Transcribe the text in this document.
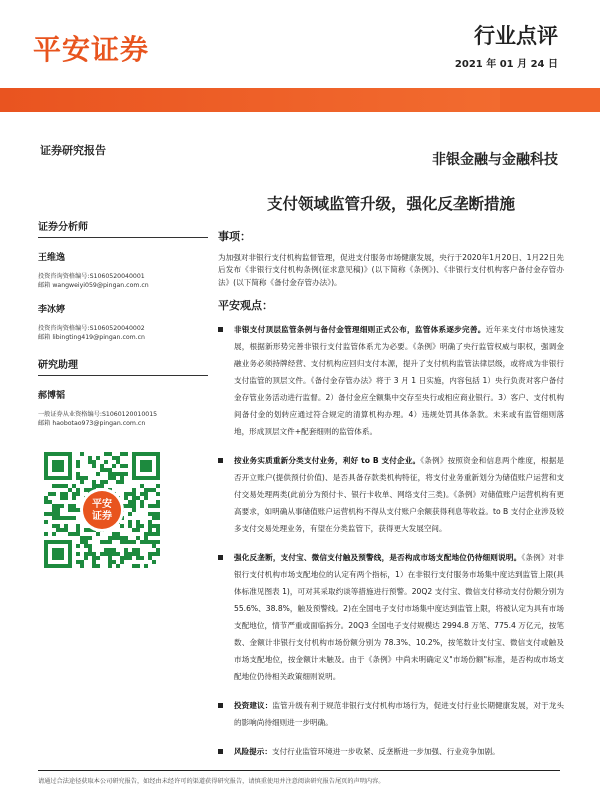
平安证券	行业点评
2021 年 01 月 24 日
证券研究报告
非银金融与金融科技
证券分析师
王维逸
投资咨询资格编号:S1060520040001
邮箱 wangweiyi059@pingan.com.cn
李冰婷
投资咨询资格编号:S1060520040002
邮箱 libingting419@pingan.com.cn
研究助理
郝博韬
一般证券从业资格编号:S1060120010015
邮箱 haobotao973@pingan.com.cn
平安
证券
支付领域监管升级，强化反垄断措施
事项：
为加强对非银行支付机构监督管理，促进支付服务市场健康发展，央行于2020年1月20日、1月22日先后发布《非银行支付机构条例(征求意见稿)》(以下简称《条例》)、《非银行支付机构客户备付金存管办法》(以下简称《备付金存管办法》)。
平安观点：
非银支付顶层监管条例与备付金管理细则正式公布，监管体系逐步完善。近年来支付市场快速发展，根据新形势完善非银行支付监管体系尤为必要。《条例》明确了央行监管权威与职权，强调金融业务必须持牌经营、支付机构应回归支付本源，提升了支付机构监管法律层级，或将成为非银行支付监管的顶层文件。《备付金存管办法》将于 3 月 1 日实施，内容包括 1）央行负责对客户备付金存管业务活动进行监督。2）备付金应全额集中交存至央行或相应商业银行。3）客户、支付机构间备付金的划转应通过符合规定的清算机构办理。4）违规处罚具体条款。未来或有监管细则落地，形成顶层文件+配套细则的监管体系。
按业务实质重新分类支付业务，利好 to B 支付企业。《条例》按照资金和信息两个维度，根据是否开立账户(提供预付价值)、是否具备存款类机构特征，将支付业务重新划分为储值账户运营和支付交易处理两类(此前分为预付卡、银行卡收单、网络支付三类)。《条例》对储值账户运营机构有更高要求，如明确从事储值账户运营机构不得从支付账户余额获得利息等收益。to B 支付企业涉及较多支付交易处理业务，有望在分类监管下，获得更大发展空间。
强化反垄断，支付宝、微信支付触及预警线，是否构成市场支配地位仍待细则说明。《条例》对非银行支付机构市场支配地位的认定有两个指标，1）在非银行支付服务市场集中度达到监管上限(具体标准见图表 1)，可对其采取约谈等措施进行预警。20Q2 支付宝、微信支付移动支付份额分别为 55.6%、38.8%，触及预警线。2)在全国电子支付市场集中度达到监管上限，将被认定为具有市场支配地位，情节严重或面临拆分。20Q3 全国电子支付规模达 2994.8 万笔、775.4 万亿元，按笔数、金额计非银行支付机构市场份额分别为 78.3%、10.2%，按笔数计支付宝、微信支付或触及市场支配地位，按金额计未触及。由于《条例》中尚未明确定义"市场份额"标准，是否构成市场支配地位仍待相关政策细则说明。
投资建议：监管升级有利于规范非银行支付机构市场行为，促进支付行业长期健康发展，对于龙头的影响尚待细则进一步明确。
风险提示：支付行业监管环境进一步收紧、反垄断进一步加强、行业竞争加剧。
请通过合法途径获取本公司研究报告，如经由未经许可的渠道获得研究报告，请慎重使用并注意阅读研究报告尾页的声明内容。
